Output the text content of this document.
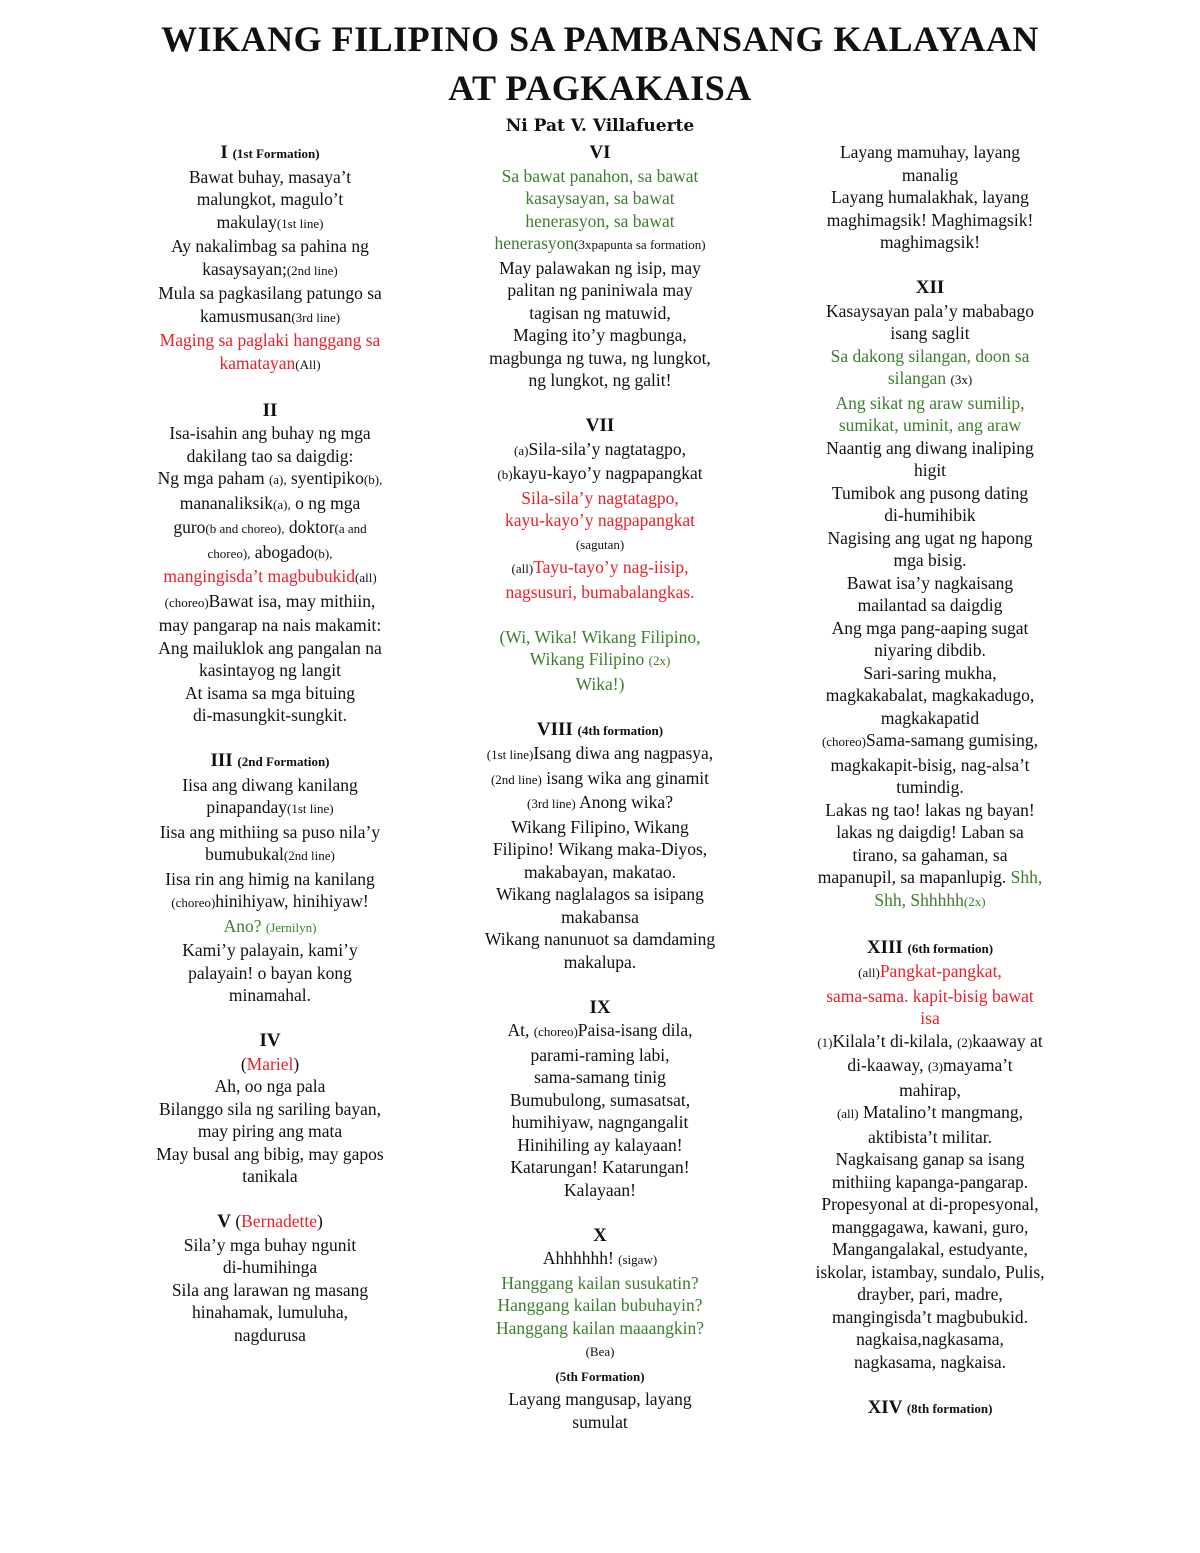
WIKANG FILIPINO SA PAMBANSANG KALAYAAN
AT PAGKAKAISA
Ni Pat V. Villafuerte
I (1st Formation)
Bawat buhay, masaya’t
malungkot, magulo’t
makulay(1st line)
Ay nakalimbag sa pahina ng
kasaysayan;(2nd line)
Mula sa pagkasilang patungo sa
kamusmusan(3rd line)
Maging sa paglaki hanggang sa
kamatayan(All)
II
Isa-isahin ang buhay ng mga
dakilang tao sa daigdig:
Ng mga paham (a), syentipiko(b),
mananaliksik(a), o ng mga
guro(b and choreo), doktor(a and
choreo), abogado(b),
mangingisda’t magbubukid(all)
(choreo)Bawat isa, may mithiin,
may pangarap na nais makamit:
Ang mailuklok ang pangalan na
kasintayog ng langit
At isama sa mga bituing
di-masungkit-sungkit.
III (2nd Formation)
Iisa ang diwang kanilang
pinapanday(1st line)
Iisa ang mithiing sa puso nila’y
bumubukal(2nd line)
Iisa rin ang himig na kanilang
(choreo)hinihiyaw, hinihiyaw!
Ano? (Jernilyn)
Kami’y palayain, kami’y
palayain! o bayan kong
minamahal.
IV
(Mariel)
Ah, oo nga pala
Bilanggo sila ng sariling bayan,
may piring ang mata
May busal ang bibig, may gapos
tanikala
V (Bernadette)
Sila’y mga buhay ngunit
di-humihinga
Sila ang larawan ng masang
hinahamak, lumuluha,
nagdurusa
VI
Sa bawat panahon, sa bawat
kasaysayan, sa bawat
henerasyon, sa bawat
henerasyon(3xpapunta sa formation)
May palawakan ng isip, may
palitan ng paniniwala may
tagisan ng matuwid,
Maging ito’y magbunga,
magbunga ng tuwa, ng lungkot,
ng lungkot, ng galit!
VII
(a)Sila-sila’y nagtatagpo,
(b)kayu-kayo’y nagpapangkat
Sila-sila’y nagtatagpo,
kayu-kayo’y nagpapangkat
(sagutan)
(all)Tayu-tayo’y nag-iisip,
nagsusuri, bumabalangkas.
(Wi, Wika! Wikang Filipino,
Wikang Filipino (2x)
Wika!)
VIII (4th formation)
(1st line)Isang diwa ang nagpasya,
(2nd line) isang wika ang ginamit
(3rd line) Anong wika?
Wikang Filipino, Wikang
Filipino! Wikang maka-Diyos,
makabayan, makatao.
Wikang naglalagos sa isipang
makabansa
Wikang nanunuot sa damdaming
makalupa.
IX
At, (choreo)Paisa-isang dila,
parami-raming labi,
sama-samang tinig
Bumubulong, sumasatsat,
humihiyaw, nagngangalit
Hinihiling ay kalayaan!
Katarungan! Katarungan!
Kalayaan!
X
Ahhhhhh! (sigaw)
Hanggang kailan susukatin?
Hanggang kailan bubuhayin?
Hanggang kailan maaangkin?
(Bea)
(5th Formation)
Layang mangusap, layang
sumulat
Layang mamuhay, layang
manalig
Layang humalakhak, layang
maghimagsik! Maghimagsik!
maghimagsik!
XII
Kasaysayan pala’y mababago
isang saglit
Sa dakong silangan, doon sa
silangan (3x)
Ang sikat ng araw sumilip,
sumikat, uminit, ang araw
Naantig ang diwang inaliping
higit
Tumibok ang pusong dating
di-humihibik
Nagising ang ugat ng hapong
mga bisig.
Bawat isa’y nagkaisang
mailantad sa daigdig
Ang mga pang-aaping sugat
niyaring dibdib.
Sari-saring mukha,
magkakabalat, magkakadugo,
magkakapatid
(choreo)Sama-samang gumising,
magkakapit-bisig, nag-alsa’t
tumindig.
Lakas ng tao! lakas ng bayan!
lakas ng daigdig! Laban sa
tirano, sa gahaman, sa
mapanupil, sa mapanlupig. Shh,
Shh, Shhhhh(2x)
XIII (6th formation)
(all)Pangkat-pangkat,
sama-sama. kapit-bisig bawat
isa
(1)Kilala’t di-kilala, (2)kaaway at
di-kaaway, (3)mayama’t
mahirap,
(all) Matalino’t mangmang,
aktibista’t militar.
Nagkaisang ganap sa isang
mithiing kapanga-pangarap.
Propesyonal at di-propesyonal,
manggagawa, kawani, guro,
Mangangalakal, estudyante,
iskolar, istambay, sundalo, Pulis,
drayber, pari, madre,
mangingisda’t magbubukid.
nagkaisa,nagkasama,
nagkasama, nagkaisa.
XIV (8th formation)
